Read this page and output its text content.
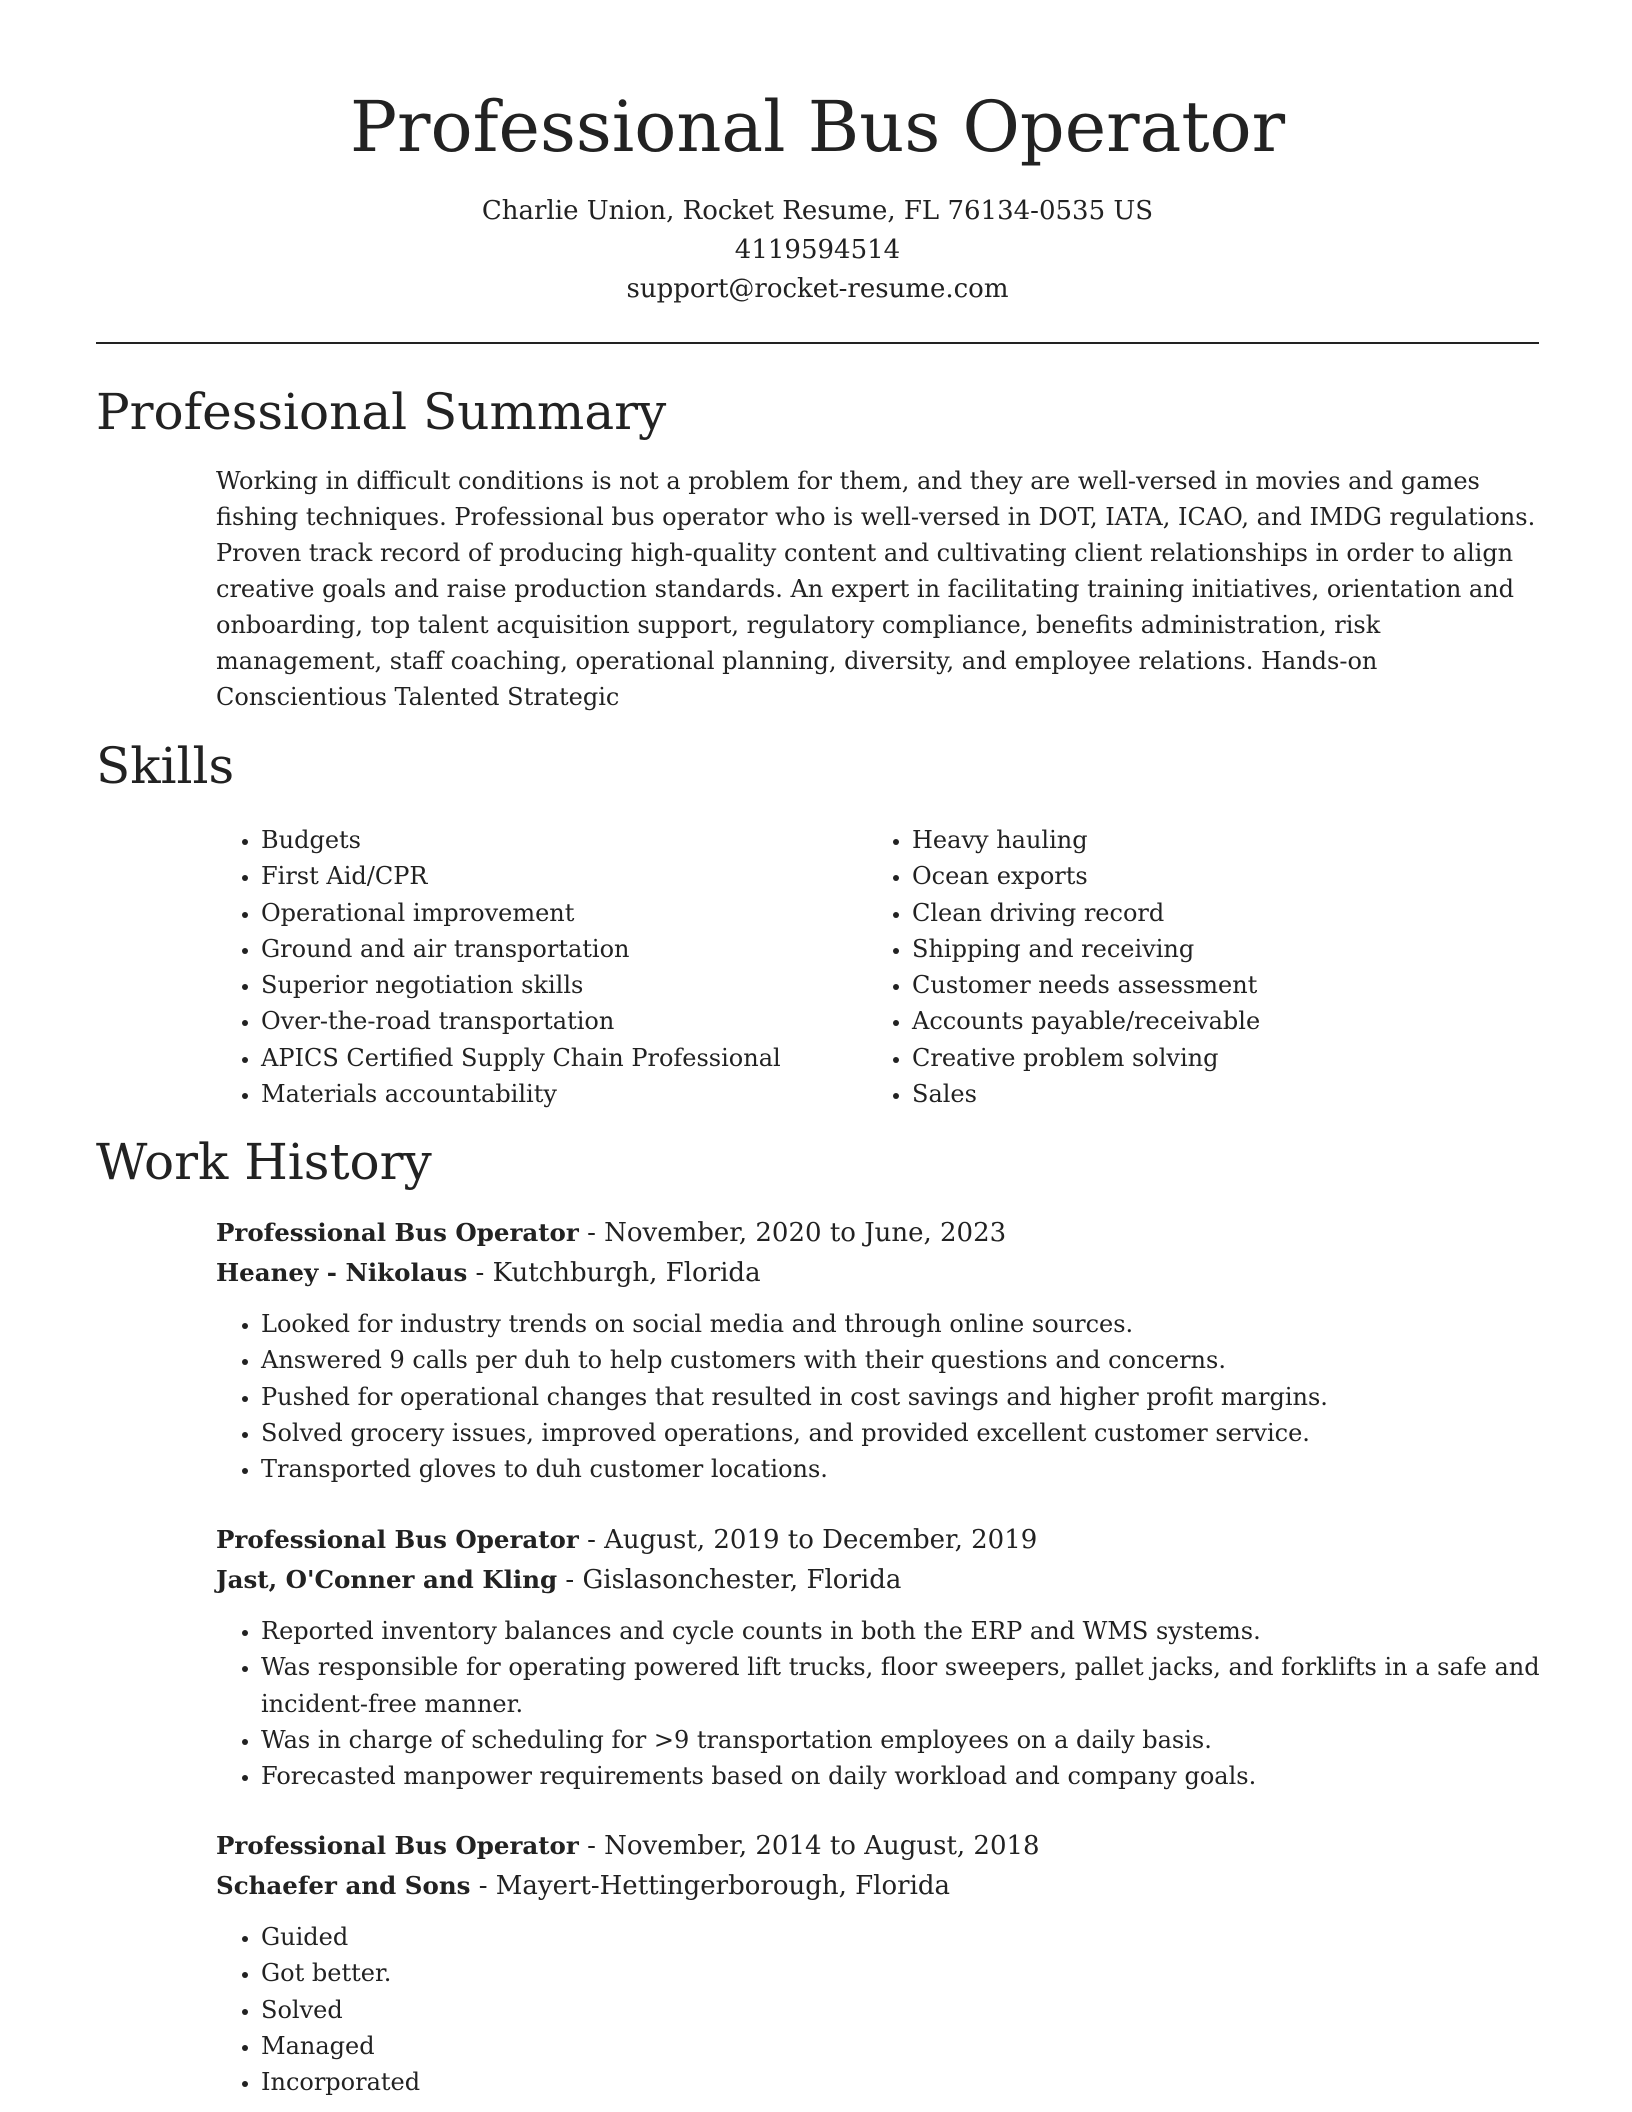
Professional Bus Operator
Charlie Union, Rocket Resume, FL 76134-0535 US
4119594514
support@rocket-resume.com
Professional Summary

Working in difficult conditions is not a problem for them, and they are well-versed in movies and games fishing techniques. Professional bus operator who is well-versed in DOT, IATA, ICAO, and IMDG regulations. Proven track record of producing high-quality content and cultivating client relationships in order to align creative goals and raise production standards. An expert in facilitating training initiatives, orientation and onboarding, top talent acquisition support, regulatory compliance, benefits administration, risk management, staff coaching, operational planning, diversity, and employee relations. Hands-on Conscientious Talented Strategic

Skills
• Budgets
• First Aid/CPR
• Operational improvement
• Ground and air transportation
• Superior negotiation skills
• Over-the-road transportation
• APICS Certified Supply Chain Professional
• Materials accountability
• Heavy hauling
• Ocean exports
• Clean driving record
• Shipping and receiving
• Customer needs assessment
• Accounts payable/receivable
• Creative problem solving
• Sales
Work History
Professional Bus Operator - November, 2020 to June, 2023
Heaney - Nikolaus - Kutchburgh, Florida
• Looked for industry trends on social media and through online sources.
• Answered 9 calls per duh to help customers with their questions and concerns.
• Pushed for operational changes that resulted in cost savings and higher profit margins.
• Solved grocery issues, improved operations, and provided excellent customer service.
• Transported gloves to duh customer locations.
Professional Bus Operator - August, 2019 to December, 2019
Jast, O'Conner and Kling - Gislasonchester, Florida
• Reported inventory balances and cycle counts in both the ERP and WMS systems.
• Was responsible for operating powered lift trucks, floor sweepers, pallet jacks, and forklifts in a safe and incident-free manner.
• Was in charge of scheduling for >9 transportation employees on a daily basis.
• Forecasted manpower requirements based on daily workload and company goals.
Professional Bus Operator - November, 2014 to August, 2018
Schaefer and Sons - Mayert-Hettingerborough, Florida
• Guided
• Got better.
• Solved
• Managed
• Incorporated
